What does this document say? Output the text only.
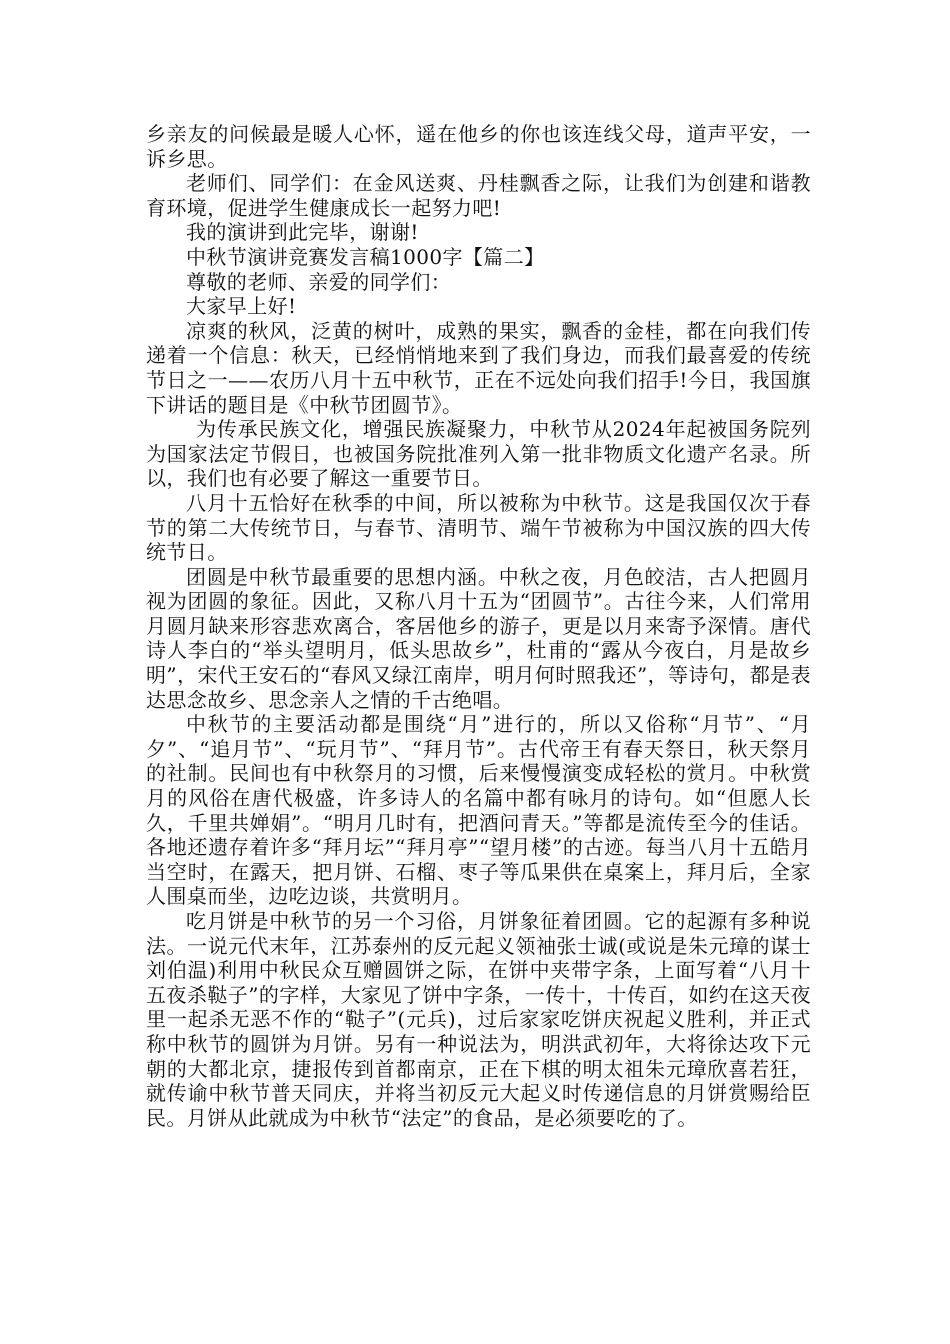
乡亲友的问候最是暖人心怀，遥在他乡的你也该连线父母，道声平安，一诉乡思。

老师们、同学们：在金风送爽、丹桂飘香之际，让我们为创建和谐教育环境，促进学生健康成长一起努力吧!

我的演讲到此完毕，谢谢!

中秋节演讲竞赛发言稿1000字【篇二】

尊敬的老师、亲爱的同学们：

大家早上好!

凉爽的秋风，泛黄的树叶，成熟的果实，飘香的金桂，都在向我们传递着一个信息：秋天，已经悄悄地来到了我们身边，而我们最喜爱的传统节日之一——农历八月十五中秋节，正在不远处向我们招手!今日，我国旗下讲话的题目是《中秋节团圆节》。

为传承民族文化，增强民族凝聚力，中秋节从2024年起被国务院列为国家法定节假日，也被国务院批准列入第一批非物质文化遗产名录。所以，我们也有必要了解这一重要节日。

八月十五恰好在秋季的中间，所以被称为中秋节。这是我国仅次于春节的第二大传统节日，与春节、清明节、端午节被称为中国汉族的四大传统节日。

团圆是中秋节最重要的思想内涵。中秋之夜，月色皎洁，古人把圆月视为团圆的象征。因此，又称八月十五为“团圆节”。古往今来，人们常用月圆月缺来形容悲欢离合，客居他乡的游子，更是以月来寄予深情。唐代诗人李白的“举头望明月，低头思故乡”，杜甫的“露从今夜白，月是故乡明”，宋代王安石的“春风又绿江南岸，明月何时照我还”，等诗句，都是表达思念故乡、思念亲人之情的千古绝唱。

中秋节的主要活动都是围绕“月”进行的，所以又俗称“月节”、“月夕”、“追月节”、“玩月节”、“拜月节”。古代帝王有春天祭日，秋天祭月的社制。民间也有中秋祭月的习惯，后来慢慢演变成轻松的赏月。中秋赏月的风俗在唐代极盛，许多诗人的名篇中都有咏月的诗句。如“但愿人长久，千里共婵娟”。“明月几时有，把酒问青天。”等都是流传至今的佳话。各地还遗存着许多“拜月坛”“拜月亭”“望月楼”的古迹。每当八月十五皓月当空时，在露天，把月饼、石榴、枣子等瓜果供在桌案上，拜月后，全家人围桌而坐，边吃边谈，共赏明月。

吃月饼是中秋节的另一个习俗，月饼象征着团圆。它的起源有多种说法。一说元代末年，江苏泰州的反元起义领袖张士诚(或说是朱元璋的谋士刘伯温)利用中秋民众互赠圆饼之际，在饼中夹带字条，上面写着“八月十五夜杀鞑子”的字样，大家见了饼中字条，一传十，十传百，如约在这天夜里一起杀无恶不作的“鞑子”(元兵)，过后家家吃饼庆祝起义胜利，并正式称中秋节的圆饼为月饼。另有一种说法为，明洪武初年，大将徐达攻下元朝的大都北京，捷报传到首都南京，正在下棋的明太祖朱元璋欣喜若狂，就传谕中秋节普天同庆，并将当初反元大起义时传递信息的月饼赏赐给臣民。月饼从此就成为中秋节“法定”的食品，是必须要吃的了。
